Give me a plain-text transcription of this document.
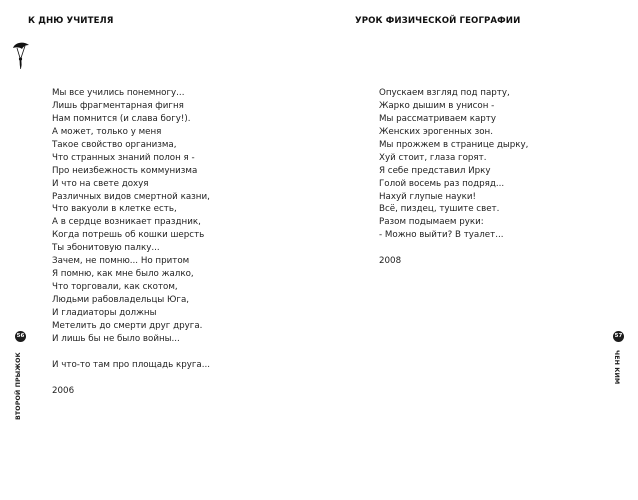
К ДНЮ УЧИТЕЛЯ
Мы все учились понемногу...
Лишь фрагментарная фигня
Нам помнится (и слава богу!).
А может, только у меня
Такое свойство организма,
Что странных знаний полон я -
Про неизбежность коммунизма
И что на свете дохуя
Различных видов смертной казни,
Что вакуоли в клетке есть,
А в сердце возникает праздник,
Когда потрешь об кошки шерсть
Ты эбонитовую палку...
Зачем, не помню... Но притом
Я помню, как мне было жалко,
Что торговали, как скотом,
Людьми рабовладельцы Юга,
И гладиаторы должны
Метелить до смерти друг друга.
И лишь бы не было войны...
И что-то там про площадь круга...
2006
56
ВТОРОЙ ПРЫЖОК
УРОК ФИЗИЧЕСКОЙ ГЕОГРАФИИ
Опускаем взгляд под парту,
Жарко дышим в унисон -
Мы рассматриваем карту
Женских эрогенных зон.
Мы прожжем в странице дырку,
Хуй стоит, глаза горят.
Я себе представил Ирку
Голой восемь раз подряд...
Нахуй глупые науки!
Всё, пиздец, тушите свет.
Разом подымаем руки:
- Можно выйти? В туалет...
2008
57
ЧЕН КИМ
